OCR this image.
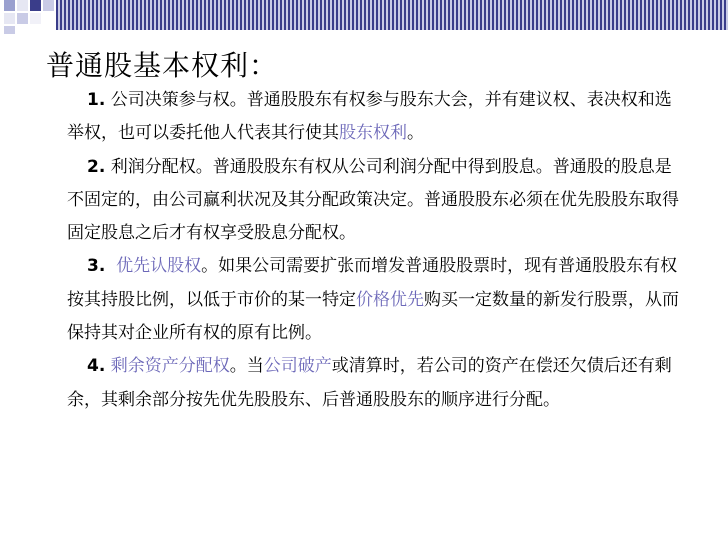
普通股基本权利：

1. 公司决策参与权。普通股股东有权参与股东大会，并有建议权、表决权和选举权，也可以委托他人代表其行使其股东权利。

2. 利润分配权。普通股股东有权从公司利润分配中得到股息。普通股的股息是不固定的，由公司赢利状况及其分配政策决定。普通股股东必须在优先股股东取得固定股息之后才有权享受股息分配权。

3. 优先认股权。如果公司需要扩张而增发普通股股票时，现有普通股股东有权按其持股比例，以低于市价的某一特定价格优先购买一定数量的新发行股票，从而保持其对企业所有权的原有比例。

4. 剩余资产分配权。当公司破产或清算时，若公司的资产在偿还欠债后还有剩余，其剩余部分按先优先股股东、后普通股股东的顺序进行分配。
